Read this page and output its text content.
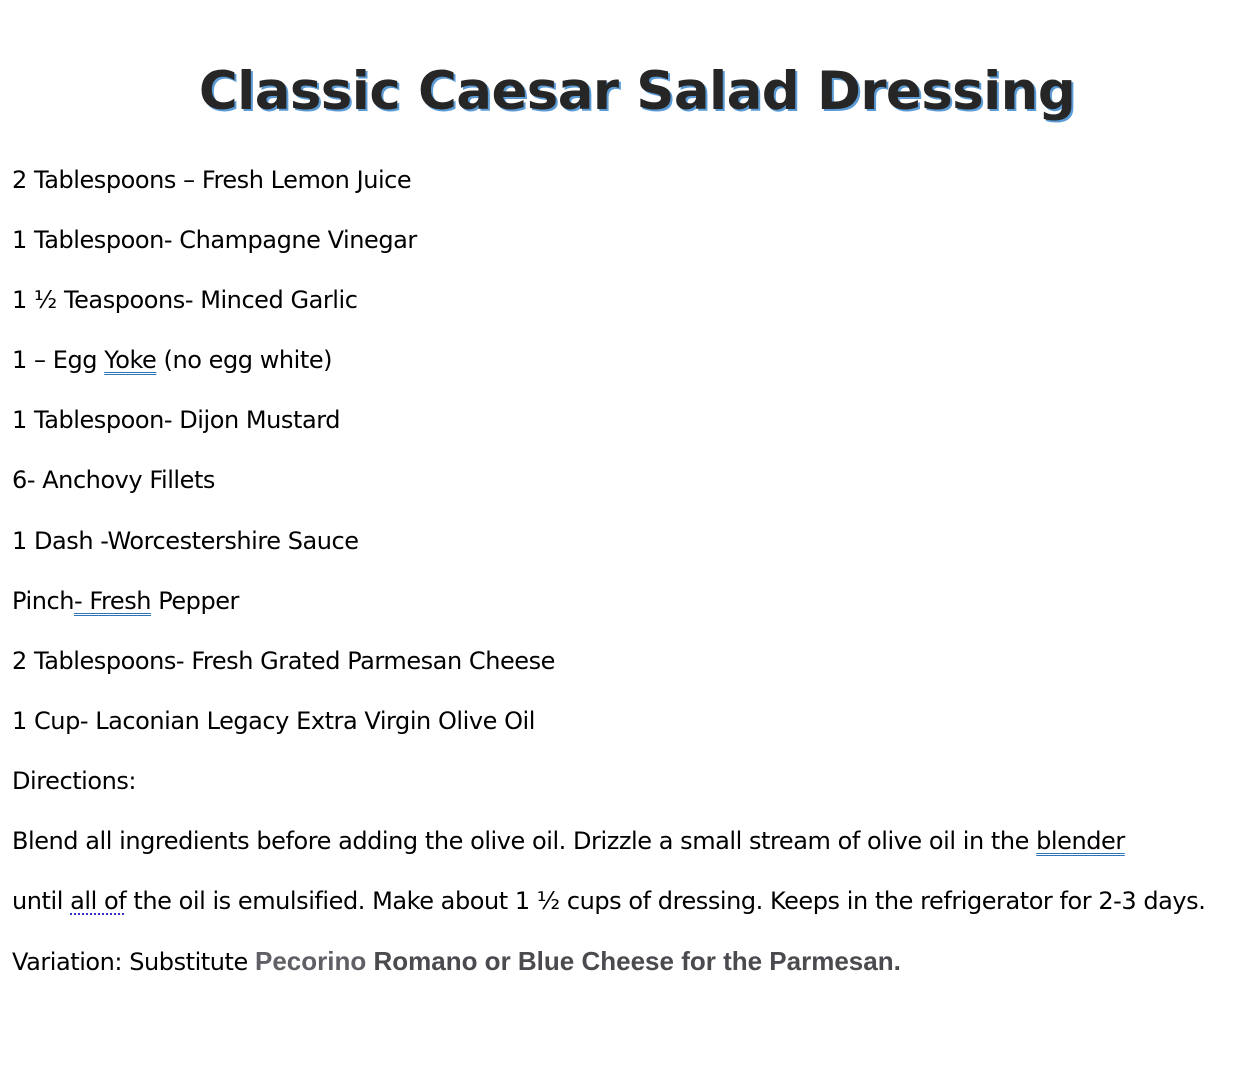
Classic Caesar Salad Dressing
2 Tablespoons – Fresh Lemon Juice
1 Tablespoon- Champagne Vinegar
1 ½ Teaspoons- Minced Garlic
1 – Egg Yoke (no egg white)
1 Tablespoon- Dijon Mustard
6- Anchovy Fillets
1 Dash -Worcestershire Sauce
Pinch- Fresh Pepper
2 Tablespoons- Fresh Grated Parmesan Cheese
1 Cup- Laconian Legacy Extra Virgin Olive Oil
Directions:
Blend all ingredients before adding the olive oil. Drizzle a small stream of olive oil in the blender
until all of the oil is emulsified. Make about 1 ½ cups of dressing. Keeps in the refrigerator for 2-3 days.
Variation: Substitute Pecorino Romano or Blue Cheese for the Parmesan.
